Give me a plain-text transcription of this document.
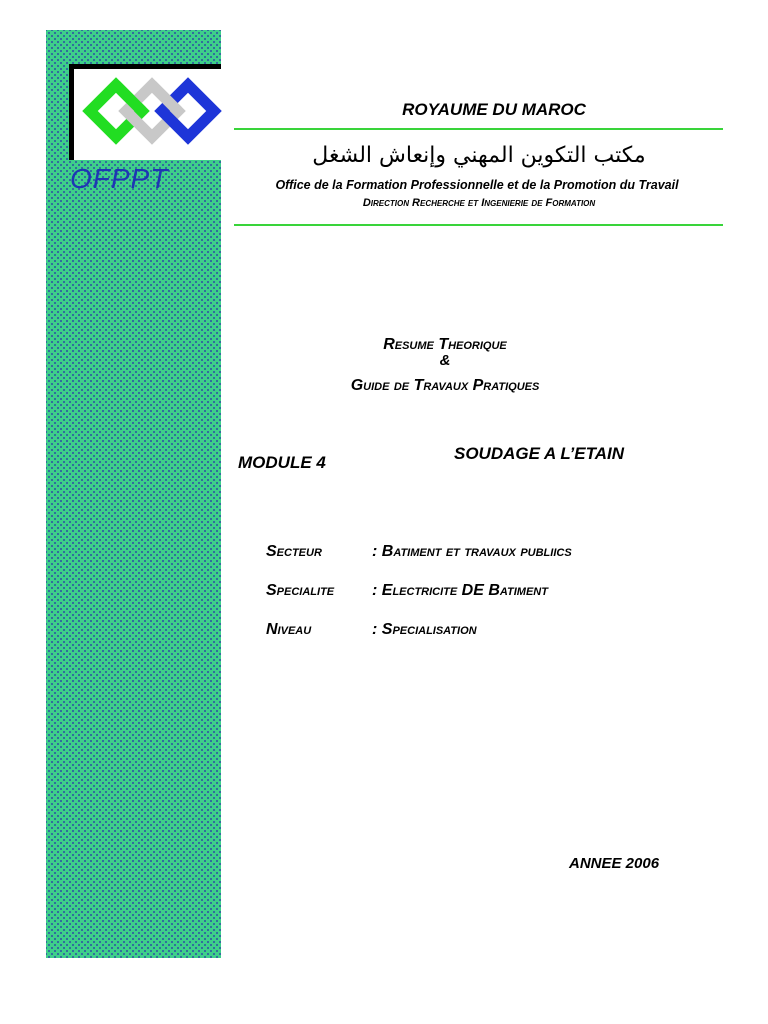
OFPPT
ROYAUME DU MAROC
مكتب التكوين المهني وإنعاش الشغل
Office de la Formation Professionnelle et de la Promotion du Travail
Direction Recherche et Ingenierie de Formation
Resume Theorique
&
Guide de Travaux Pratiques
MODULE 4	SOUDAGE A L’ETAIN
Secteur	: Batiment et travaux publiics
Specialite : Electricite DE Batiment
Niveau	: Specialisation
ANNEE 2006
